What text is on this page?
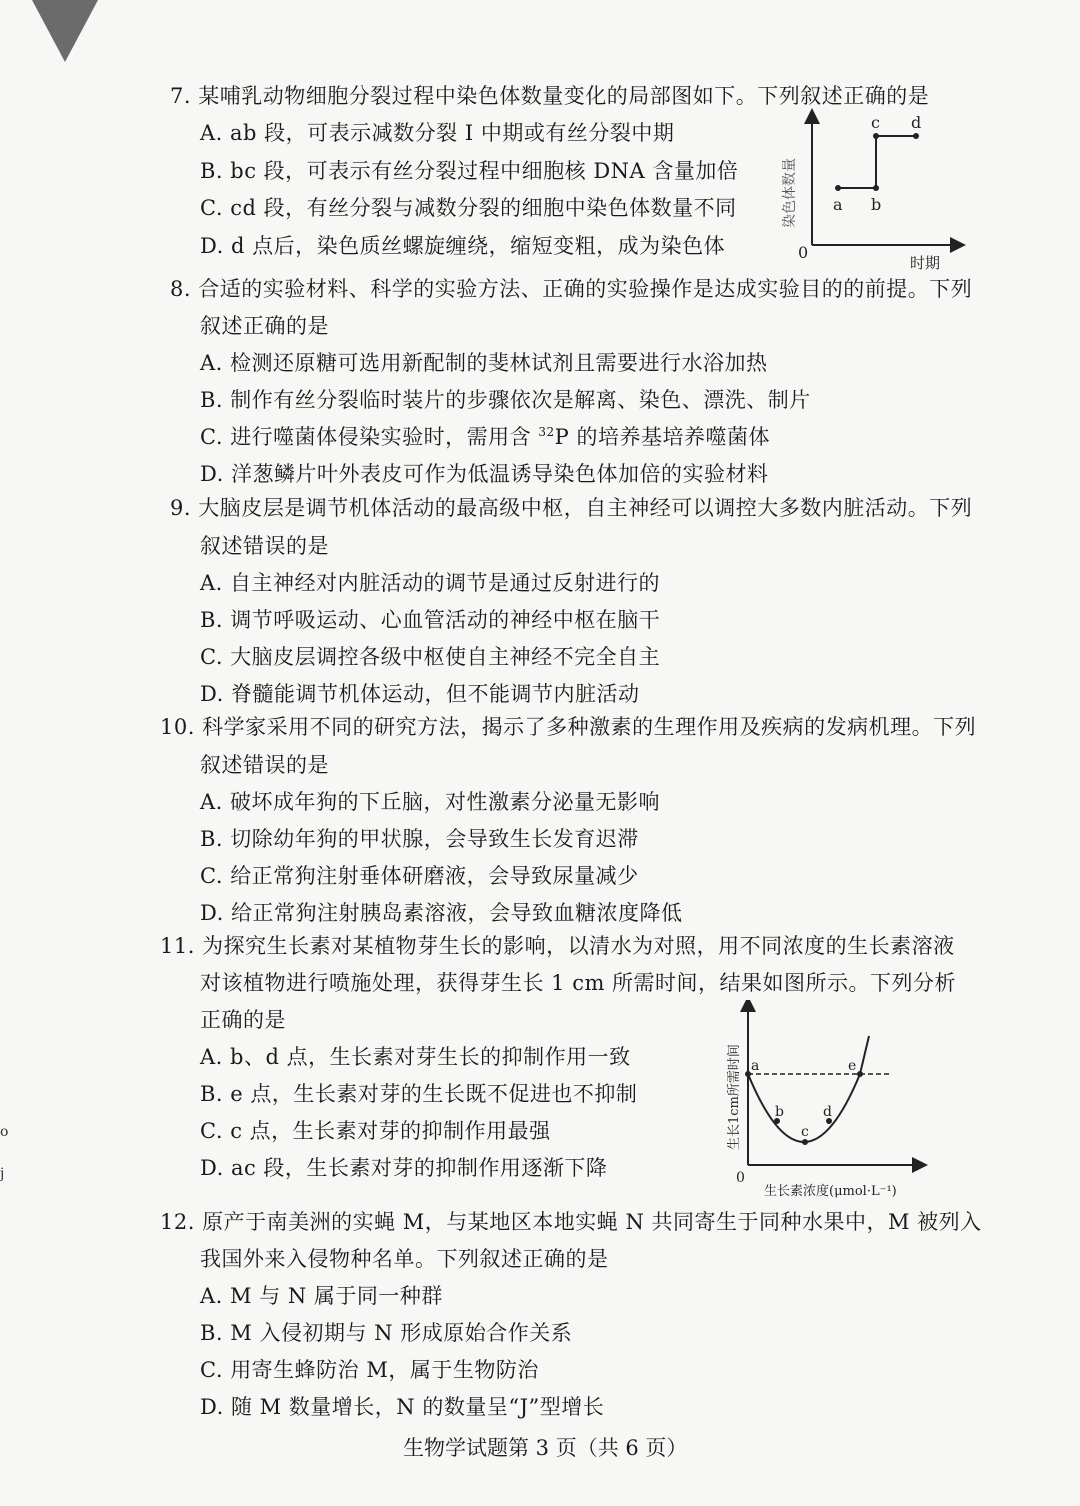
7. 某哺乳动物细胞分裂过程中染色体数量变化的局部图如下。下列叙述正确的是
A. ab 段，可表示减数分裂 I 中期或有丝分裂中期
B. bc 段，可表示有丝分裂过程中细胞核 DNA 含量加倍
C. cd 段，有丝分裂与减数分裂的细胞中染色体数量不同
D. d 点后，染色质丝螺旋缠绕，缩短变粗，成为染色体
a b
c d
0
时期
染色体数量
8. 合适的实验材料、科学的实验方法、正确的实验操作是达成实验目的的前提。下列
叙述正确的是
A. 检测还原糖可选用新配制的斐林试剂且需要进行水浴加热
B. 制作有丝分裂临时装片的步骤依次是解离、染色、漂洗、制片
C. 进行噬菌体侵染实验时，需用含 $^{32}$P 的培养基培养噬菌体
D. 洋葱鳞片叶外表皮可作为低温诱导染色体加倍的实验材料
9. 大脑皮层是调节机体活动的最高级中枢，自主神经可以调控大多数内脏活动。下列
叙述错误的是
A. 自主神经对内脏活动的调节是通过反射进行的
B. 调节呼吸运动、心血管活动的神经中枢在脑干
C. 大脑皮层调控各级中枢使自主神经不完全自主
D. 脊髓能调节机体运动，但不能调节内脏活动
10. 科学家采用不同的研究方法，揭示了多种激素的生理作用及疾病的发病机理。下列
叙述错误的是
A. 破坏成年狗的下丘脑，对性激素分泌量无影响
B. 切除幼年狗的甲状腺，会导致生长发育迟滞
C. 给正常狗注射垂体研磨液，会导致尿量减少
D. 给正常狗注射胰岛素溶液，会导致血糖浓度降低
11. 为探究生长素对某植物芽生长的影响，以清水为对照，用不同浓度的生长素溶液
对该植物进行喷施处理，获得芽生长 1 cm 所需时间，结果如图所示。下列分析
正确的是
A. b、d 点，生长素对芽生长的抑制作用一致
B. e 点，生长素对芽的生长既不促进也不抑制
C. c 点，生长素对芽的抑制作用最强
D. ac 段，生长素对芽的抑制作用逐渐下降
a
b
c
d
e
0
生长素浓度(μmol·L⁻¹)
生长1cm所需时间
12. 原产于南美洲的实蝇 M，与某地区本地实蝇 N 共同寄生于同种水果中，M 被列入
我国外来入侵物种名单。下列叙述正确的是
A. M 与 N 属于同一种群
B. M 入侵初期与 N 形成原始合作关系
C. 用寄生蜂防治 M，属于生物防治
D. 随 M 数量增长，N 的数量呈“J”型增长
生物学试题第 3 页（共 6 页）
o
j
